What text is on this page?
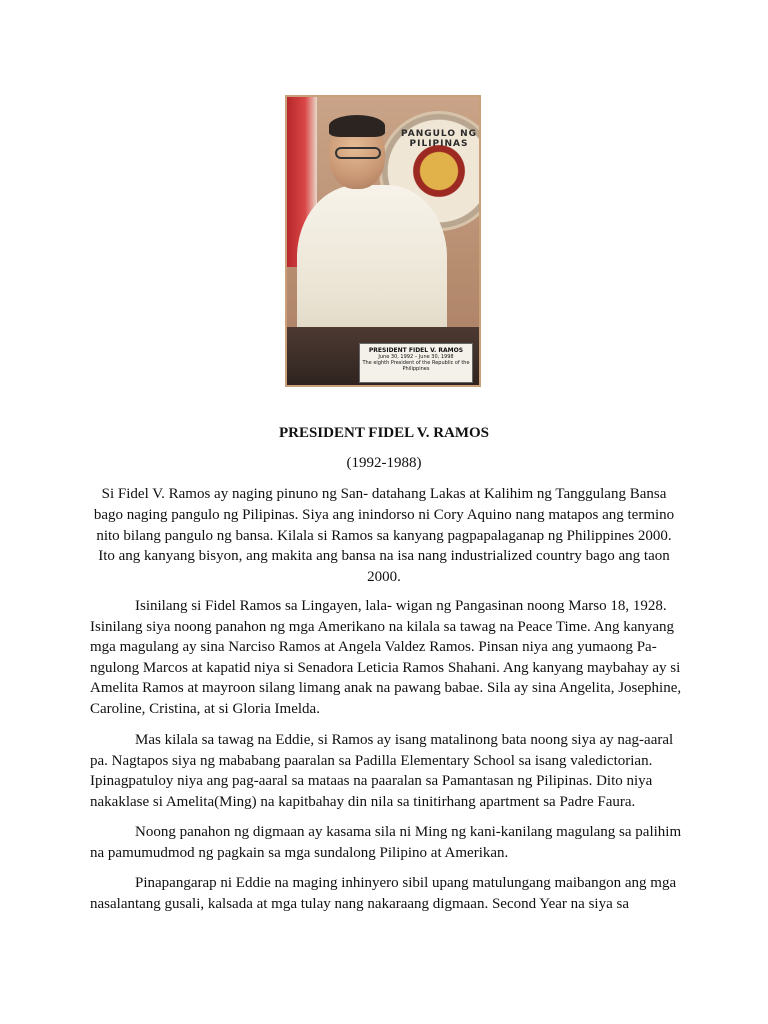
PANGULO NG PILIPINAS
PRESIDENT FIDEL V. RAMOS
June 30, 1992 – June 30, 1998
The eighth President of the Republic of the Philippines
PRESIDENT FIDEL V. RAMOS
(1992-1988)

Si Fidel V. Ramos ay naging pinuno ng San- datahang Lakas at Kalihim ng Tanggulang Bansa bago naging pangulo ng Pilipinas. Siya ang inindorso ni Cory Aquino nang matapos ang termino nito bilang pangulo ng bansa. Kilala si Ramos sa kanyang pagpapalaganap ng Philippines 2000. Ito ang kanyang bisyon, ang makita ang bansa na isa nang industrialized country bago ang taon 2000.

Isinilang si Fidel Ramos sa Lingayen, lala- wigan ng Pangasinan noong Marso 18, 1928. Isinilang siya noong panahon ng mga Amerikano na kilala sa tawag na Peace Time. Ang kanyang mga magulang ay sina Narciso Ramos at Angela Valdez Ramos. Pinsan niya ang yumaong Pa- ngulong Marcos at kapatid niya si Senadora Leticia Ramos Shahani. Ang kanyang maybahay ay si Amelita Ramos at mayroon silang limang anak na pawang babae. Sila ay sina Angelita, Josephine, Caroline, Cristina, at si Gloria Imelda.

Mas kilala sa tawag na Eddie, si Ramos ay isang matalinong bata noong siya ay nag-aaral pa. Nagtapos siya ng mababang paaralan sa Padilla Elementary School sa isang valedictorian. Ipinagpatuloy niya ang pag-aaral sa mataas na paaralan sa Pamantasan ng Pilipinas. Dito niya nakaklase si Amelita(Ming) na kapitbahay din nila sa tinitirhang apartment sa Padre Faura.

Noong panahon ng digmaan ay kasama sila ni Ming ng kani-kanilang magulang sa palihim na pamumudmod ng pagkain sa mga sundalong Pilipino at Amerikan.

Pinapangarap ni Eddie na maging inhinyero sibil upang matulungang maibangon ang mga nasalantang gusali, kalsada at mga tulay nang nakaraang digmaan. Second Year na siya sa
